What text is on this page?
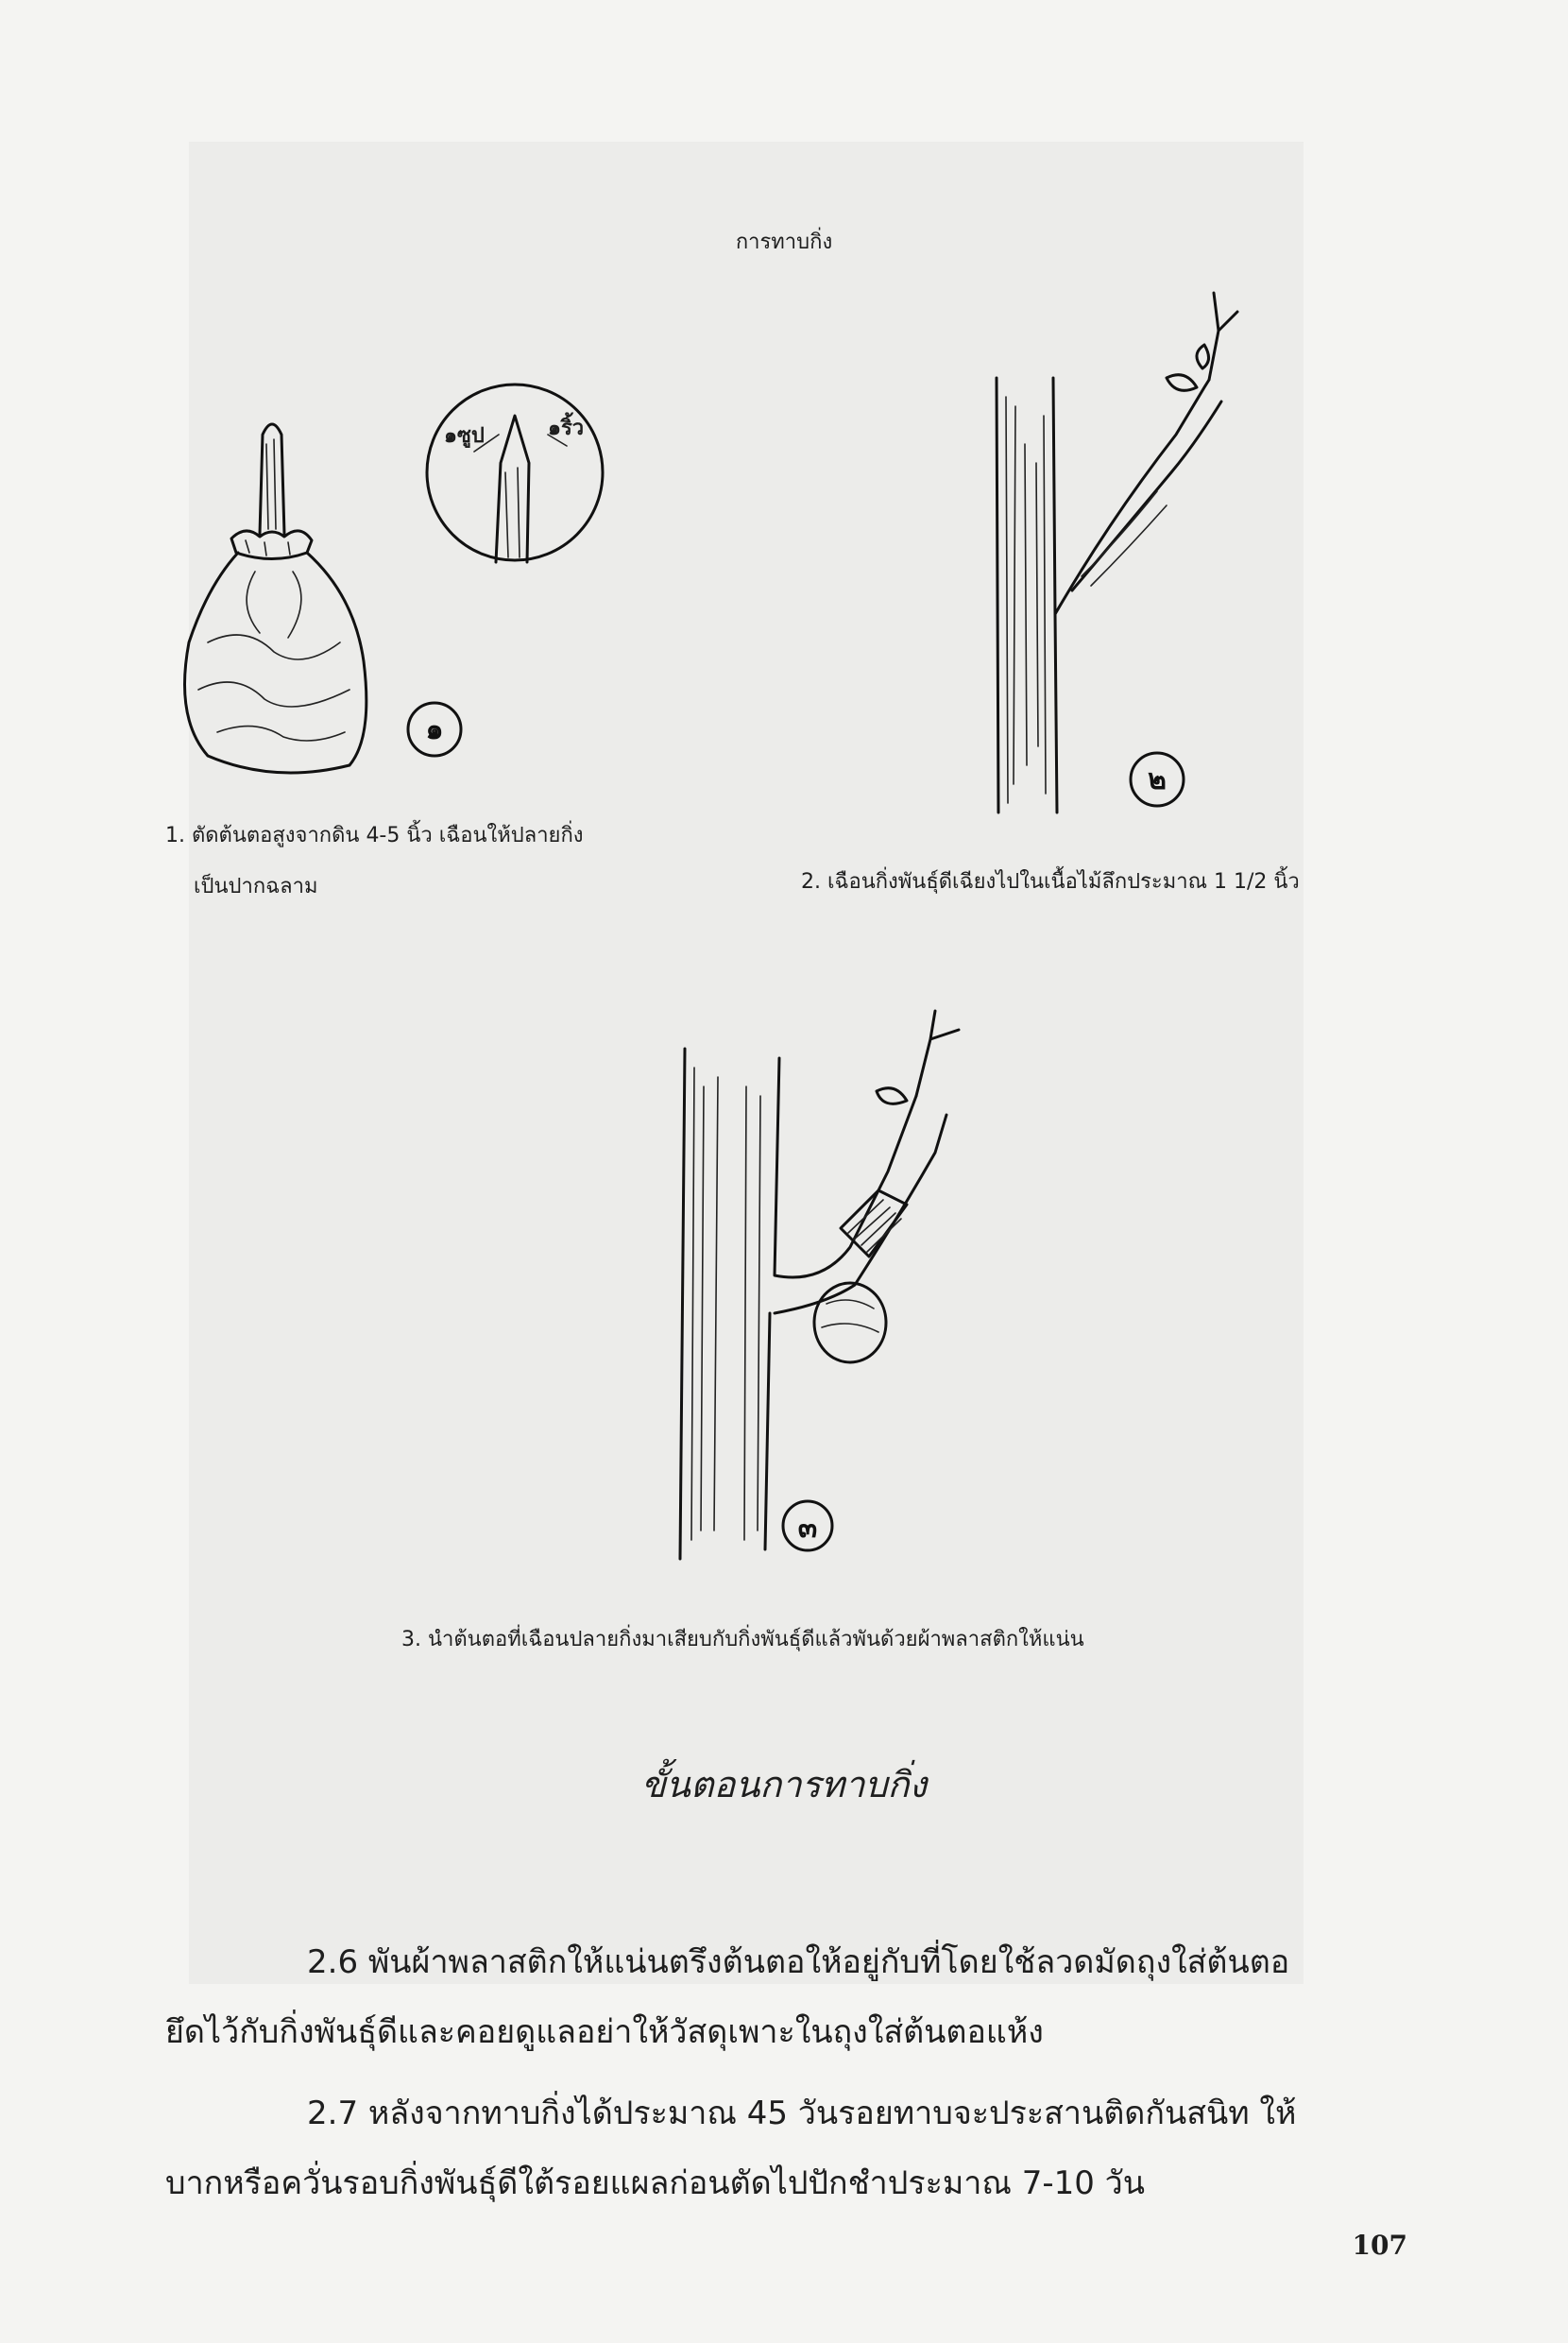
การทาบกิ่ง
๑
๑ซูป	๑ริ้ว
1. ตัดต้นตอสูงจากดิน 4-5 นิ้ว เฉือนให้ปลายกิ่ง
เป็นปากฉลาม
๒
2. เฉือนกิ่งพันธุ์ดีเฉียงไปในเนื้อไม้ลึกประมาณ 1 1/2 นิ้ว
๓
3. นำต้นตอที่เฉือนปลายกิ่งมาเสียบกับกิ่งพันธุ์ดีแล้วพันด้วยผ้าพลาสติกให้แน่น
ขั้นตอนการทาบกิ่ง

2.6 พันผ้าพลาสติกให้แน่นตรึงต้นตอให้อยู่กับที่โดยใช้ลวดมัดถุงใส่ต้นตอ

ยึดไว้กับกิ่งพันธุ์ดีและคอยดูแลอย่าให้วัสดุเพาะในถุงใส่ต้นตอแห้ง

2.7 หลังจากทาบกิ่งได้ประมาณ 45 วันรอยทาบจะประสานติดกันสนิท ให้

บากหรือควั่นรอบกิ่งพันธุ์ดีใต้รอยแผลก่อนตัดไปปักชำประมาณ 7-10 วัน

107
